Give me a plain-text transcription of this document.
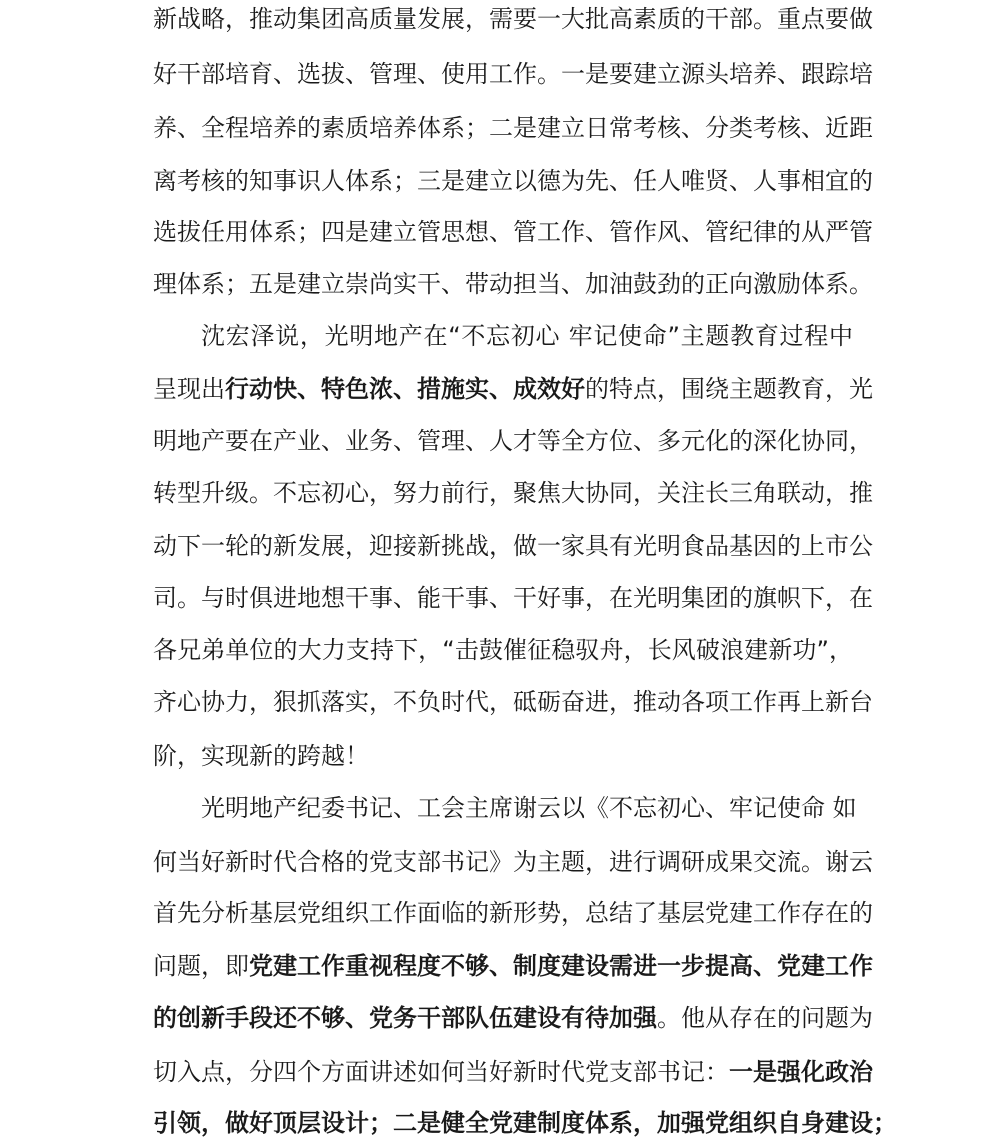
新战略，推动集团高质量发展，需要一大批高素质的干部。重点要做
好干部培育、选拔、管理、使用工作。一是要建立源头培养、跟踪培
养、全程培养的素质培养体系；二是建立日常考核、分类考核、近距
离考核的知事识人体系；三是建立以德为先、任人唯贤、人事相宜的
选拔任用体系；四是建立管思想、管工作、管作风、管纪律的从严管
理体系；五是建立崇尚实干、带动担当、加油鼓劲的正向激励体系。
沈宏泽说，光明地产在“不忘初心 牢记使命”主题教育过程中
呈现出行动快、特色浓、措施实、成效好的特点，围绕主题教育，光
明地产要在产业、业务、管理、人才等全方位、多元化的深化协同，
转型升级。不忘初心，努力前行，聚焦大协同，关注长三角联动，推
动下一轮的新发展，迎接新挑战，做一家具有光明食品基因的上市公
司。与时俱进地想干事、能干事、干好事，在光明集团的旗帜下，在
各兄弟单位的大力支持下，“击鼓催征稳驭舟，长风破浪建新功”，
齐心协力，狠抓落实，不负时代，砥砺奋进，推动各项工作再上新台
阶，实现新的跨越！
光明地产纪委书记、工会主席谢云以《不忘初心、牢记使命 如
何当好新时代合格的党支部书记》为主题，进行调研成果交流。谢云
首先分析基层党组织工作面临的新形势，总结了基层党建工作存在的
问题，即党建工作重视程度不够、制度建设需进一步提高、党建工作
的创新手段还不够、党务干部队伍建设有待加强。他从存在的问题为
切入点，分四个方面讲述如何当好新时代党支部书记：一是强化政治
引领，做好顶层设计；二是健全党建制度体系，加强党组织自身建设；
